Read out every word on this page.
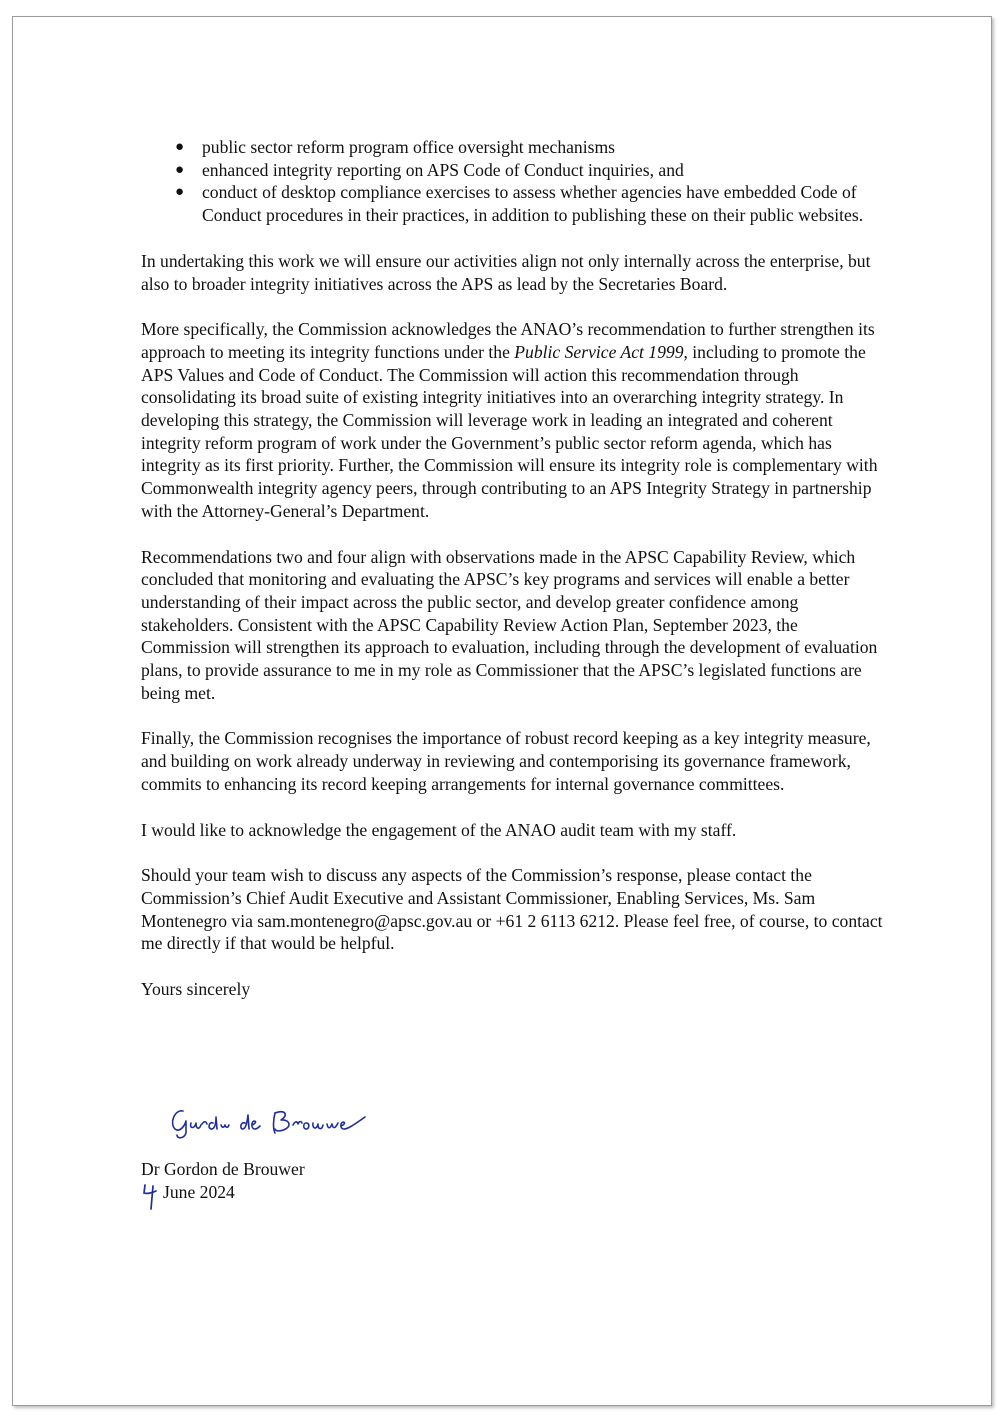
● public sector reform program office oversight mechanisms
● enhanced integrity reporting on APS Code of Conduct inquiries, and
● conduct of desktop compliance exercises to assess whether agencies have embedded Code of Conduct procedures in their practices, in addition to publishing these on their public websites.

In undertaking this work we will ensure our activities align not only internally across the enterprise, but also to broader integrity initiatives across the APS as lead by the Secretaries Board.

More specifically, the Commission acknowledges the ANAO’s recommendation to further strengthen its approach to meeting its integrity functions under the Public Service Act 1999, including to promote the APS Values and Code of Conduct. The Commission will action this recommendation through consolidating its broad suite of existing integrity initiatives into an overarching integrity strategy. In developing this strategy, the Commission will leverage work in leading an integrated and coherent integrity reform program of work under the Government’s public sector reform agenda, which has integrity as its first priority. Further, the Commission will ensure its integrity role is complementary with Commonwealth integrity agency peers, through contributing to an APS Integrity Strategy in partnership with the Attorney-General’s Department.

Recommendations two and four align with observations made in the APSC Capability Review, which concluded that monitoring and evaluating the APSC’s key programs and services will enable a better understanding of their impact across the public sector, and develop greater confidence among stakeholders. Consistent with the APSC Capability Review Action Plan, September 2023, the Commission will strengthen its approach to evaluation, including through the development of evaluation plans, to provide assurance to me in my role as Commissioner that the APSC’s legislated functions are being met.

Finally, the Commission recognises the importance of robust record keeping as a key integrity measure, and building on work already underway in reviewing and contemporising its governance framework, commits to enhancing its record keeping arrangements for internal governance committees.

I would like to acknowledge the engagement of the ANAO audit team with my staff.

Should your team wish to discuss any aspects of the Commission’s response, please contact the Commission’s Chief Audit Executive and Assistant Commissioner, Enabling Services, Ms. Sam Montenegro via sam.montenegro@apsc.gov.au or +61 2 6113 6212. Please feel free, of course, to contact me directly if that would be helpful.

Yours sincerely

Dr Gordon de Brouwer
June 2024
